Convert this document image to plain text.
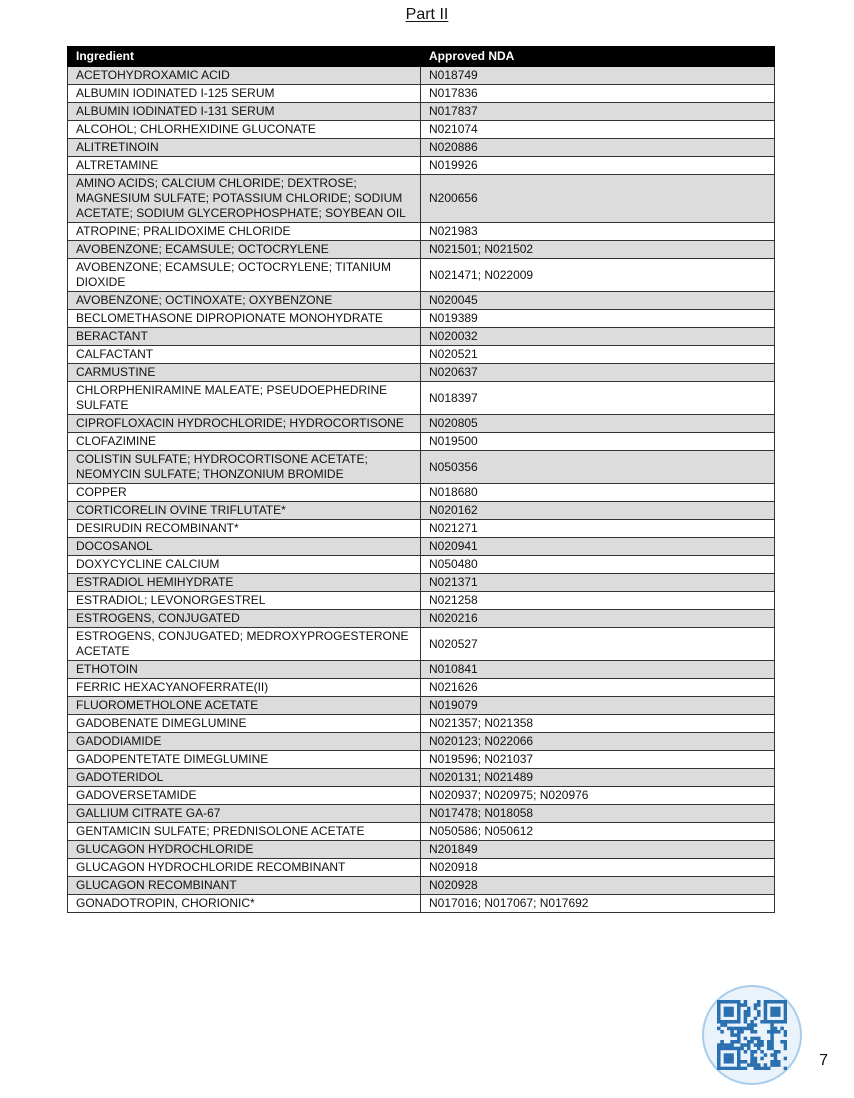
Part II
Ingredient	Approved NDA
ACETOHYDROXAMIC ACID	N018749
ALBUMIN IODINATED I-125 SERUM	N017836
ALBUMIN IODINATED I-131 SERUM	N017837
ALCOHOL; CHLORHEXIDINE GLUCONATE	N021074
ALITRETINOIN	N020886
ALTRETAMINE	N019926
AMINO ACIDS; CALCIUM CHLORIDE; DEXTROSE; MAGNESIUM SULFATE; POTASSIUM CHLORIDE; SODIUM ACETATE; SODIUM GLYCEROPHOSPHATE; SOYBEAN OIL	N200656
ATROPINE; PRALIDOXIME CHLORIDE	N021983
AVOBENZONE; ECAMSULE; OCTOCRYLENE	N021501; N021502
AVOBENZONE; ECAMSULE; OCTOCRYLENE; TITANIUM DIOXIDE	N021471; N022009
AVOBENZONE; OCTINOXATE; OXYBENZONE	N020045
BECLOMETHASONE DIPROPIONATE MONOHYDRATE	N019389
BERACTANT	N020032
CALFACTANT	N020521
CARMUSTINE	N020637
CHLORPHENIRAMINE MALEATE; PSEUDOEPHEDRINE SULFATE	N018397
CIPROFLOXACIN HYDROCHLORIDE; HYDROCORTISONE	N020805
CLOFAZIMINE	N019500
COLISTIN SULFATE; HYDROCORTISONE ACETATE; NEOMYCIN SULFATE; THONZONIUM BROMIDE	N050356
COPPER	N018680
CORTICORELIN OVINE TRIFLUTATE*	N020162
DESIRUDIN RECOMBINANT*	N021271
DOCOSANOL	N020941
DOXYCYCLINE CALCIUM	N050480
ESTRADIOL HEMIHYDRATE	N021371
ESTRADIOL; LEVONORGESTREL	N021258
ESTROGENS, CONJUGATED	N020216
ESTROGENS, CONJUGATED; MEDROXYPROGESTERONE ACETATE	N020527
ETHOTOIN	N010841
FERRIC HEXACYANOFERRATE(II)	N021626
FLUOROMETHOLONE ACETATE	N019079
GADOBENATE DIMEGLUMINE	N021357; N021358
GADODIAMIDE	N020123; N022066
GADOPENTETATE DIMEGLUMINE	N019596; N021037
GADOTERIDOL	N020131; N021489
GADOVERSETAMIDE	N020937; N020975; N020976
GALLIUM CITRATE GA-67	N017478; N018058
GENTAMICIN SULFATE; PREDNISOLONE ACETATE	N050586; N050612
GLUCAGON HYDROCHLORIDE	N201849
GLUCAGON HYDROCHLORIDE RECOMBINANT	N020918
GLUCAGON RECOMBINANT	N020928
GONADOTROPIN, CHORIONIC*	N017016; N017067; N017692
7
